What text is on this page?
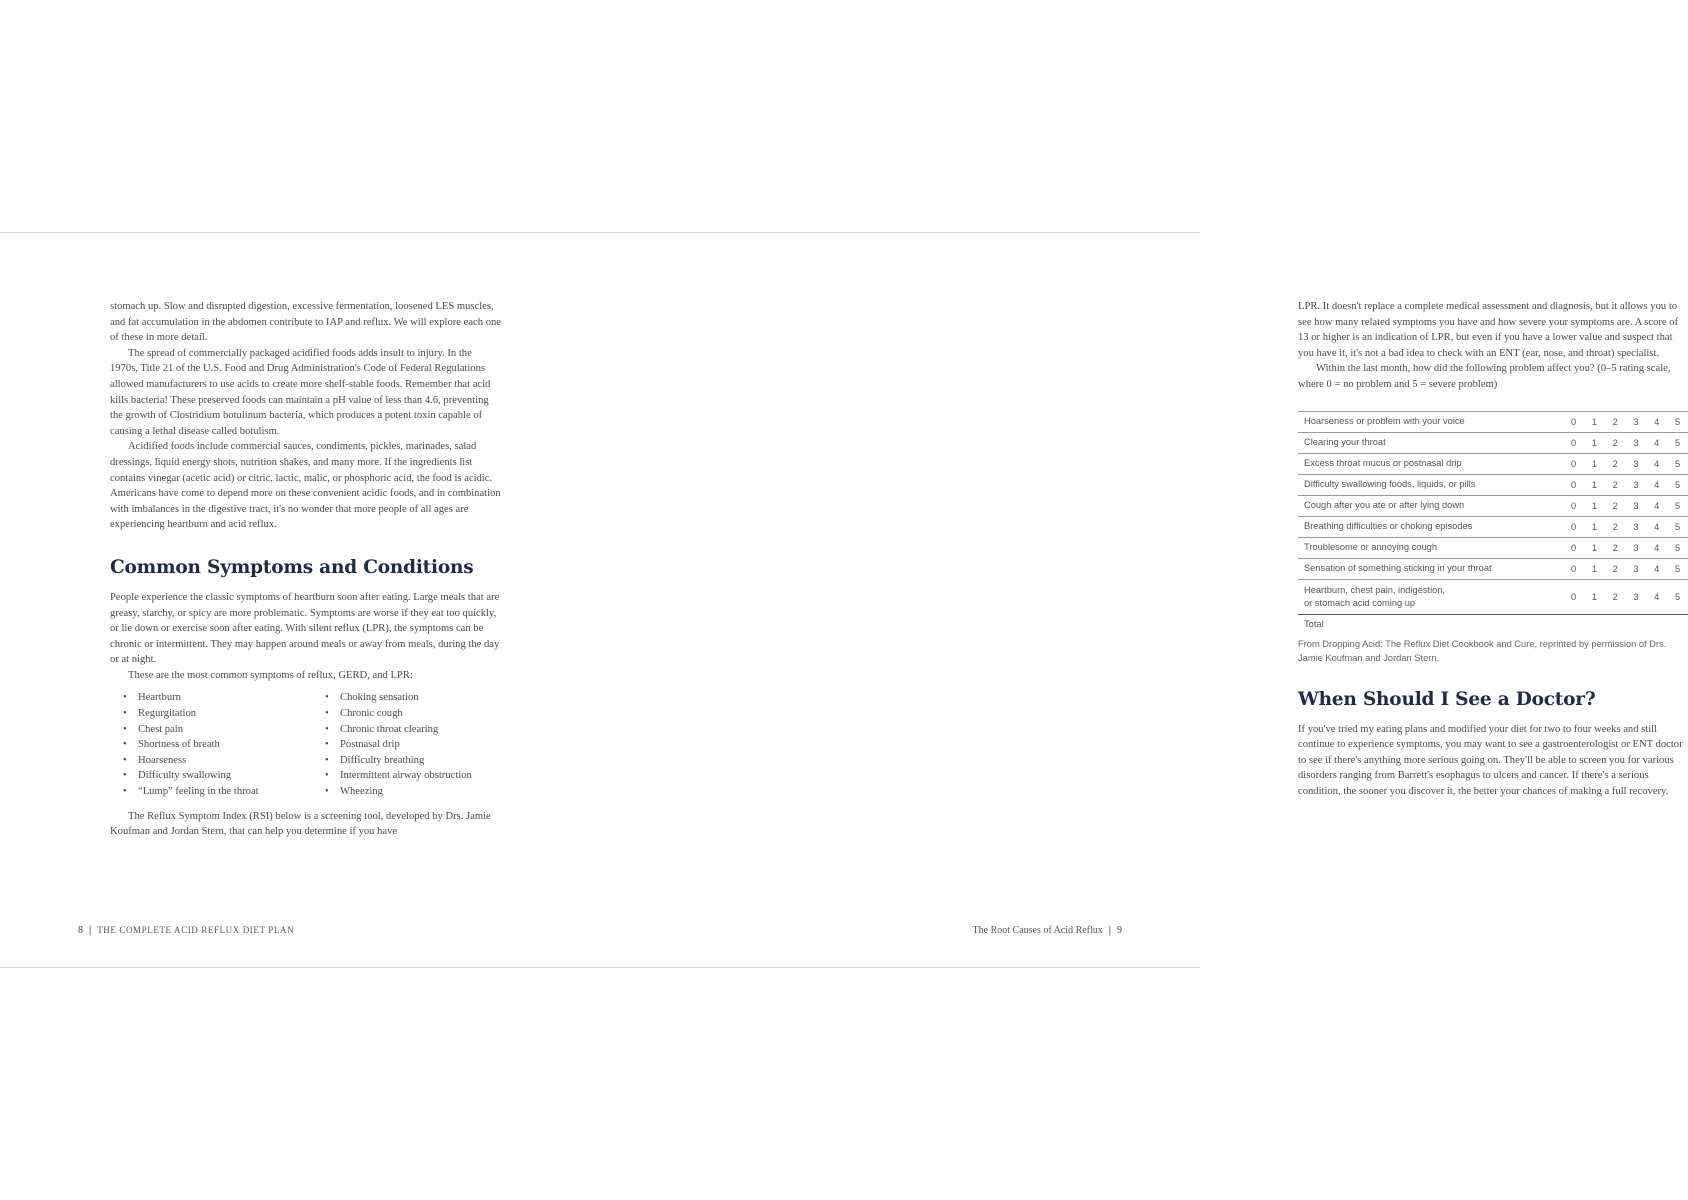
stomach up. Slow and disrupted digestion, excessive fermentation, loosened LES muscles, and fat accumulation in the abdomen contribute to IAP and reflux. We will explore each one of these in more detail.

The spread of commercially packaged acidified foods adds insult to injury. In the 1970s, Title 21 of the U.S. Food and Drug Administration's Code of Federal Regulations allowed manufacturers to use acids to create more shelf-stable foods. Remember that acid kills bacteria! These preserved foods can maintain a pH value of less than 4.6, preventing the growth of Clostridium botulinum bacteria, which produces a potent toxin capable of causing a lethal disease called botulism.

Acidified foods include commercial sauces, condiments, pickles, marinades, salad dressings, liquid energy shots, nutrition shakes, and many more. If the ingredients list contains vinegar (acetic acid) or citric, lactic, malic, or phosphoric acid, the food is acidic. Americans have come to depend more on these convenient acidic foods, and in combination with imbalances in the digestive tract, it's no wonder that more people of all ages are experiencing heartburn and acid reflux.

Common Symptoms and Conditions

People experience the classic symptoms of heartburn soon after eating. Large meals that are greasy, starchy, or spicy are more problematic. Symptoms are worse if they eat too quickly, or lie down or exercise soon after eating. With silent reflux (LPR), the symptoms can be chronic or intermittent. They may happen around meals or away from meals, during the day or at night.

These are the most common symptoms of reflux, GERD, and LPR:

• Heartburn
• Regurgitation
• Chest pain
• Shortness of breath
• Hoarseness
• Difficulty swallowing
• “Lump” feeling in the throat
• Choking sensation
• Chronic cough
• Chronic throat clearing
• Postnasal drip
• Difficulty breathing
• Intermittent airway obstruction
• Wheezing

The Reflux Symptom Index (RSI) below is a screening tool, developed by Drs. Jamie Koufman and Jordan Stern, that can help you determine if you have

8 | THE COMPLETE ACID REFLUX DIET PLAN

LPR. It doesn't replace a complete medical assessment and diagnosis, but it allows you to see how many related symptoms you have and how severe your symptoms are. A score of 13 or higher is an indication of LPR, but even if you have a lower value and suspect that you have it, it's not a bad idea to check with an ENT (ear, nose, and throat) specialist.

Within the last month, how did the following problem affect you? (0–5 rating scale, where 0 = no problem and 5 = severe problem)

Hoarseness or problem with your voice	0	1	2	3	4	5
Clearing your throat	0	1	2	3	4	5
Excess throat mucus or postnasal drip	0	1	2	3	4	5
Difficulty swallowing foods, liquids, or pills	0	1	2	3	4	5
Cough after you ate or after lying down	0	1	2	3	4	5
Breathing difficulties or choking episodes	0	1	2	3	4	5
Troublesome or annoying cough	0	1	2	3	4	5
Sensation of something sticking in your throat	0	1	2	3	4	5
Heartburn, chest pain, indigestion,
or stomach acid coming up	0	1	2	3	4	5
Total						

From Dropping Acid: The Reflux Diet Cookbook and Cure, reprinted by permission of Drs. Jamie Koufman and Jordan Stern.

When Should I See a Doctor?

If you've tried my eating plans and modified your diet for two to four weeks and still continue to experience symptoms, you may want to see a gastroenterologist or ENT doctor to see if there's anything more serious going on. They'll be able to screen you for various disorders ranging from Barrett's esophagus to ulcers and cancer. If there's a serious condition, the sooner you discover it, the better your chances of making a full recovery.

The Root Causes of Acid Reflux | 9
